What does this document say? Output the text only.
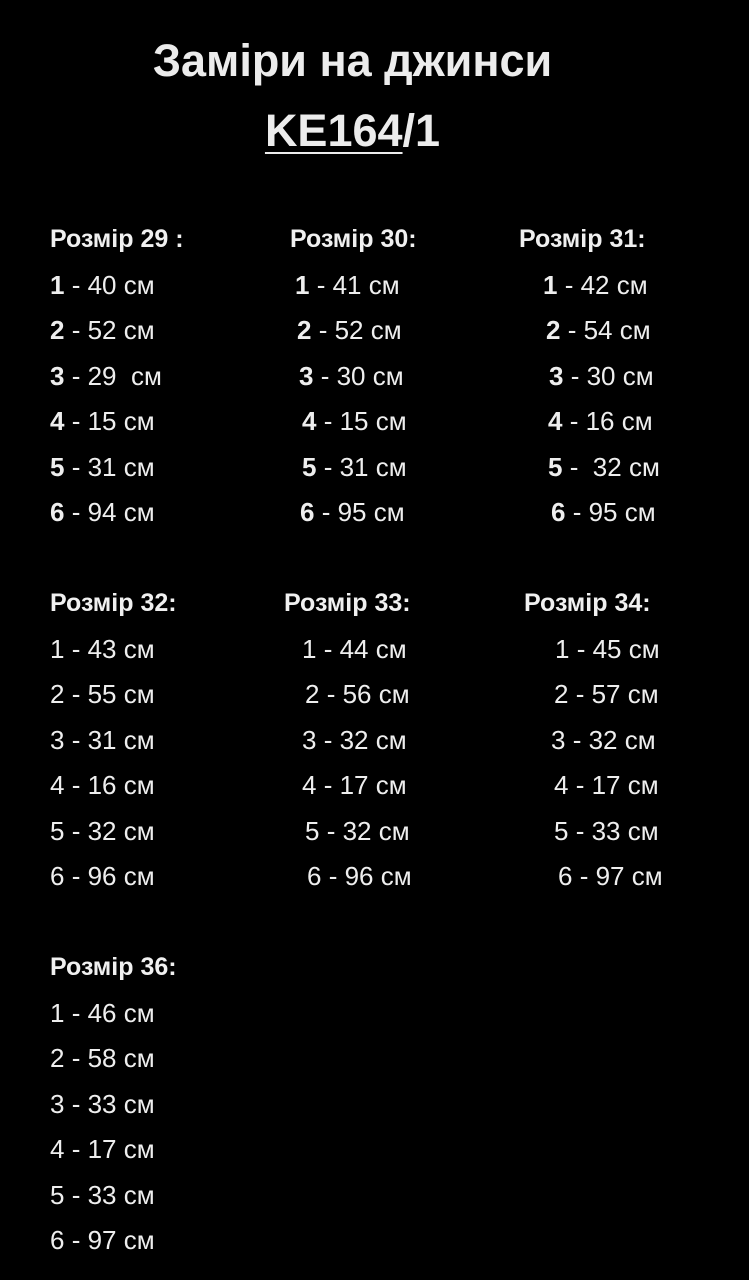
Заміри на джинси
KE164/1
Розмір 29 :
1 - 40 см
2 - 52 см
3 - 29  см
4 - 15 см
5 - 31 см
6 - 94 см
Розмір 30:
1 - 41 см
2 - 52 см
3 - 30 см
4 - 15 см
5 - 31 см
6 - 95 см
Розмір 31:
1 - 42 см
2 - 54 см
3 - 30 см
4 - 16 см
5 -  32 см
6 - 95 см
Розмір 32:
1 - 43 см
2 - 55 см
3 - 31 см
4 - 16 см
5 - 32 см
6 - 96 см
Розмір 33:
1 - 44 см
2 - 56 см
3 - 32 см
4 - 17 см
5 - 32 см
6 - 96 см
Розмір 34:
1 - 45 см
2 - 57 см
3 - 32 см
4 - 17 см
5 - 33 см
6 - 97 см
Розмір 36:
1 - 46 см
2 - 58 см
3 - 33 см
4 - 17 см
5 - 33 см
6 - 97 см
